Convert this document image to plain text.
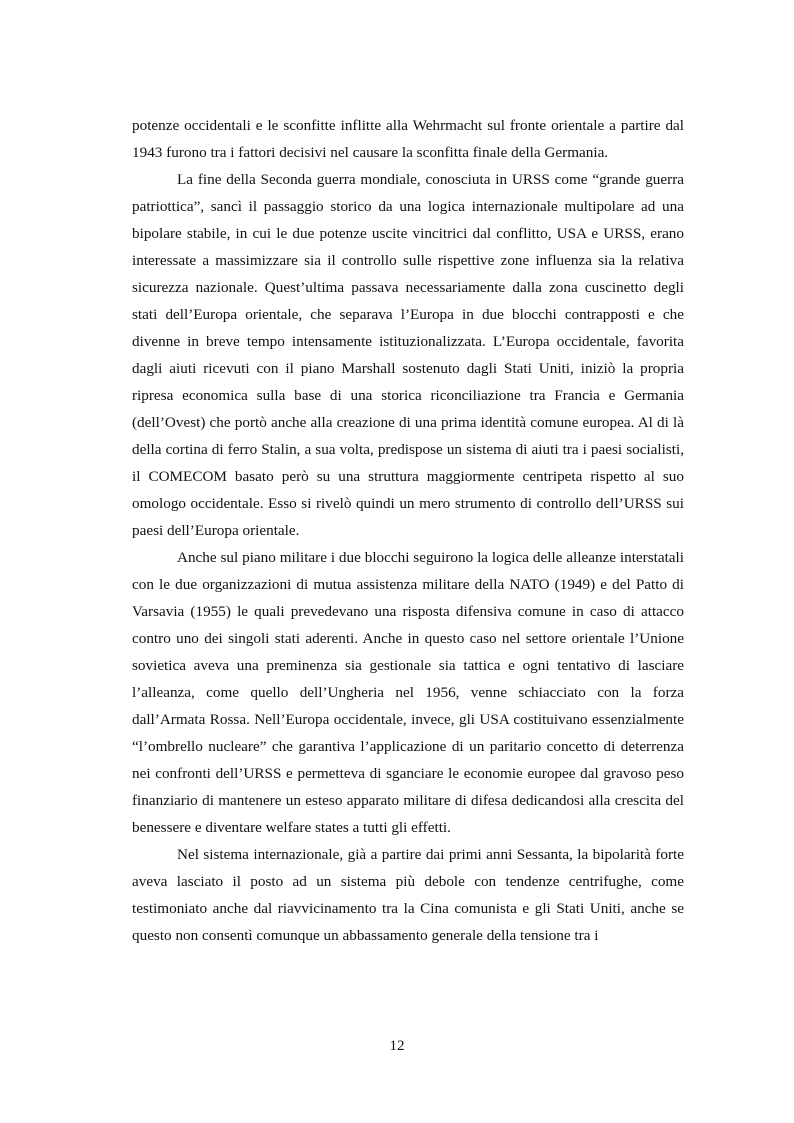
potenze occidentali e le sconfitte inflitte alla Wehrmacht sul fronte orientale a partire dal 1943 furono tra i fattori decisivi nel causare la sconfitta finale della Germania.

La fine della Seconda guerra mondiale, conosciuta in URSS come “grande guerra patriottica”, sancì il passaggio storico da una logica internazionale multipolare ad una bipolare stabile, in cui le due potenze uscite vincitrici dal conflitto, USA e URSS, erano interessate a massimizzare sia il controllo sulle rispettive zone influenza sia la relativa sicurezza nazionale. Quest’ultima passava necessariamente dalla zona cuscinetto degli stati dell’Europa orientale, che separava l’Europa in due blocchi contrapposti e che divenne in breve tempo intensamente istituzionalizzata. L’Europa occidentale, favorita dagli aiuti ricevuti con il piano Marshall sostenuto dagli Stati Uniti, iniziò la propria ripresa economica sulla base di una storica riconciliazione tra Francia e Germania (dell’Ovest) che portò anche alla creazione di una prima identità comune europea. Al di là della cortina di ferro Stalin, a sua volta, predispose un sistema di aiuti tra i paesi socialisti, il COMECOM basato però su una struttura maggiormente centripeta rispetto al suo omologo occidentale. Esso si rivelò quindi un mero strumento di controllo dell’URSS sui paesi dell’Europa orientale.

Anche sul piano militare i due blocchi seguirono la logica delle alleanze interstatali con le due organizzazioni di mutua assistenza militare della NATO (1949) e del Patto di Varsavia (1955) le quali prevedevano una risposta difensiva comune in caso di attacco contro uno dei singoli stati aderenti. Anche in questo caso nel settore orientale l’Unione sovietica aveva una preminenza sia gestionale sia tattica e ogni tentativo di lasciare l’alleanza, come quello dell’Ungheria nel 1956, venne schiacciato con la forza dall’Armata Rossa. Nell’Europa occidentale, invece, gli USA costituivano essenzialmente “l’ombrello nucleare” che garantiva l’applicazione di un paritario concetto di deterrenza nei confronti dell’URSS e permetteva di sganciare le economie europee dal gravoso peso finanziario di mantenere un esteso apparato militare di difesa dedicandosi alla crescita del benessere e diventare welfare states a tutti gli effetti.

Nel sistema internazionale, già a partire dai primi anni Sessanta, la bipolarità forte aveva lasciato il posto ad un sistema più debole con tendenze centrifughe, come testimoniato anche dal riavvicinamento tra la Cina comunista e gli Stati Uniti, anche se questo non consentì comunque un abbassamento generale della tensione tra i

12
